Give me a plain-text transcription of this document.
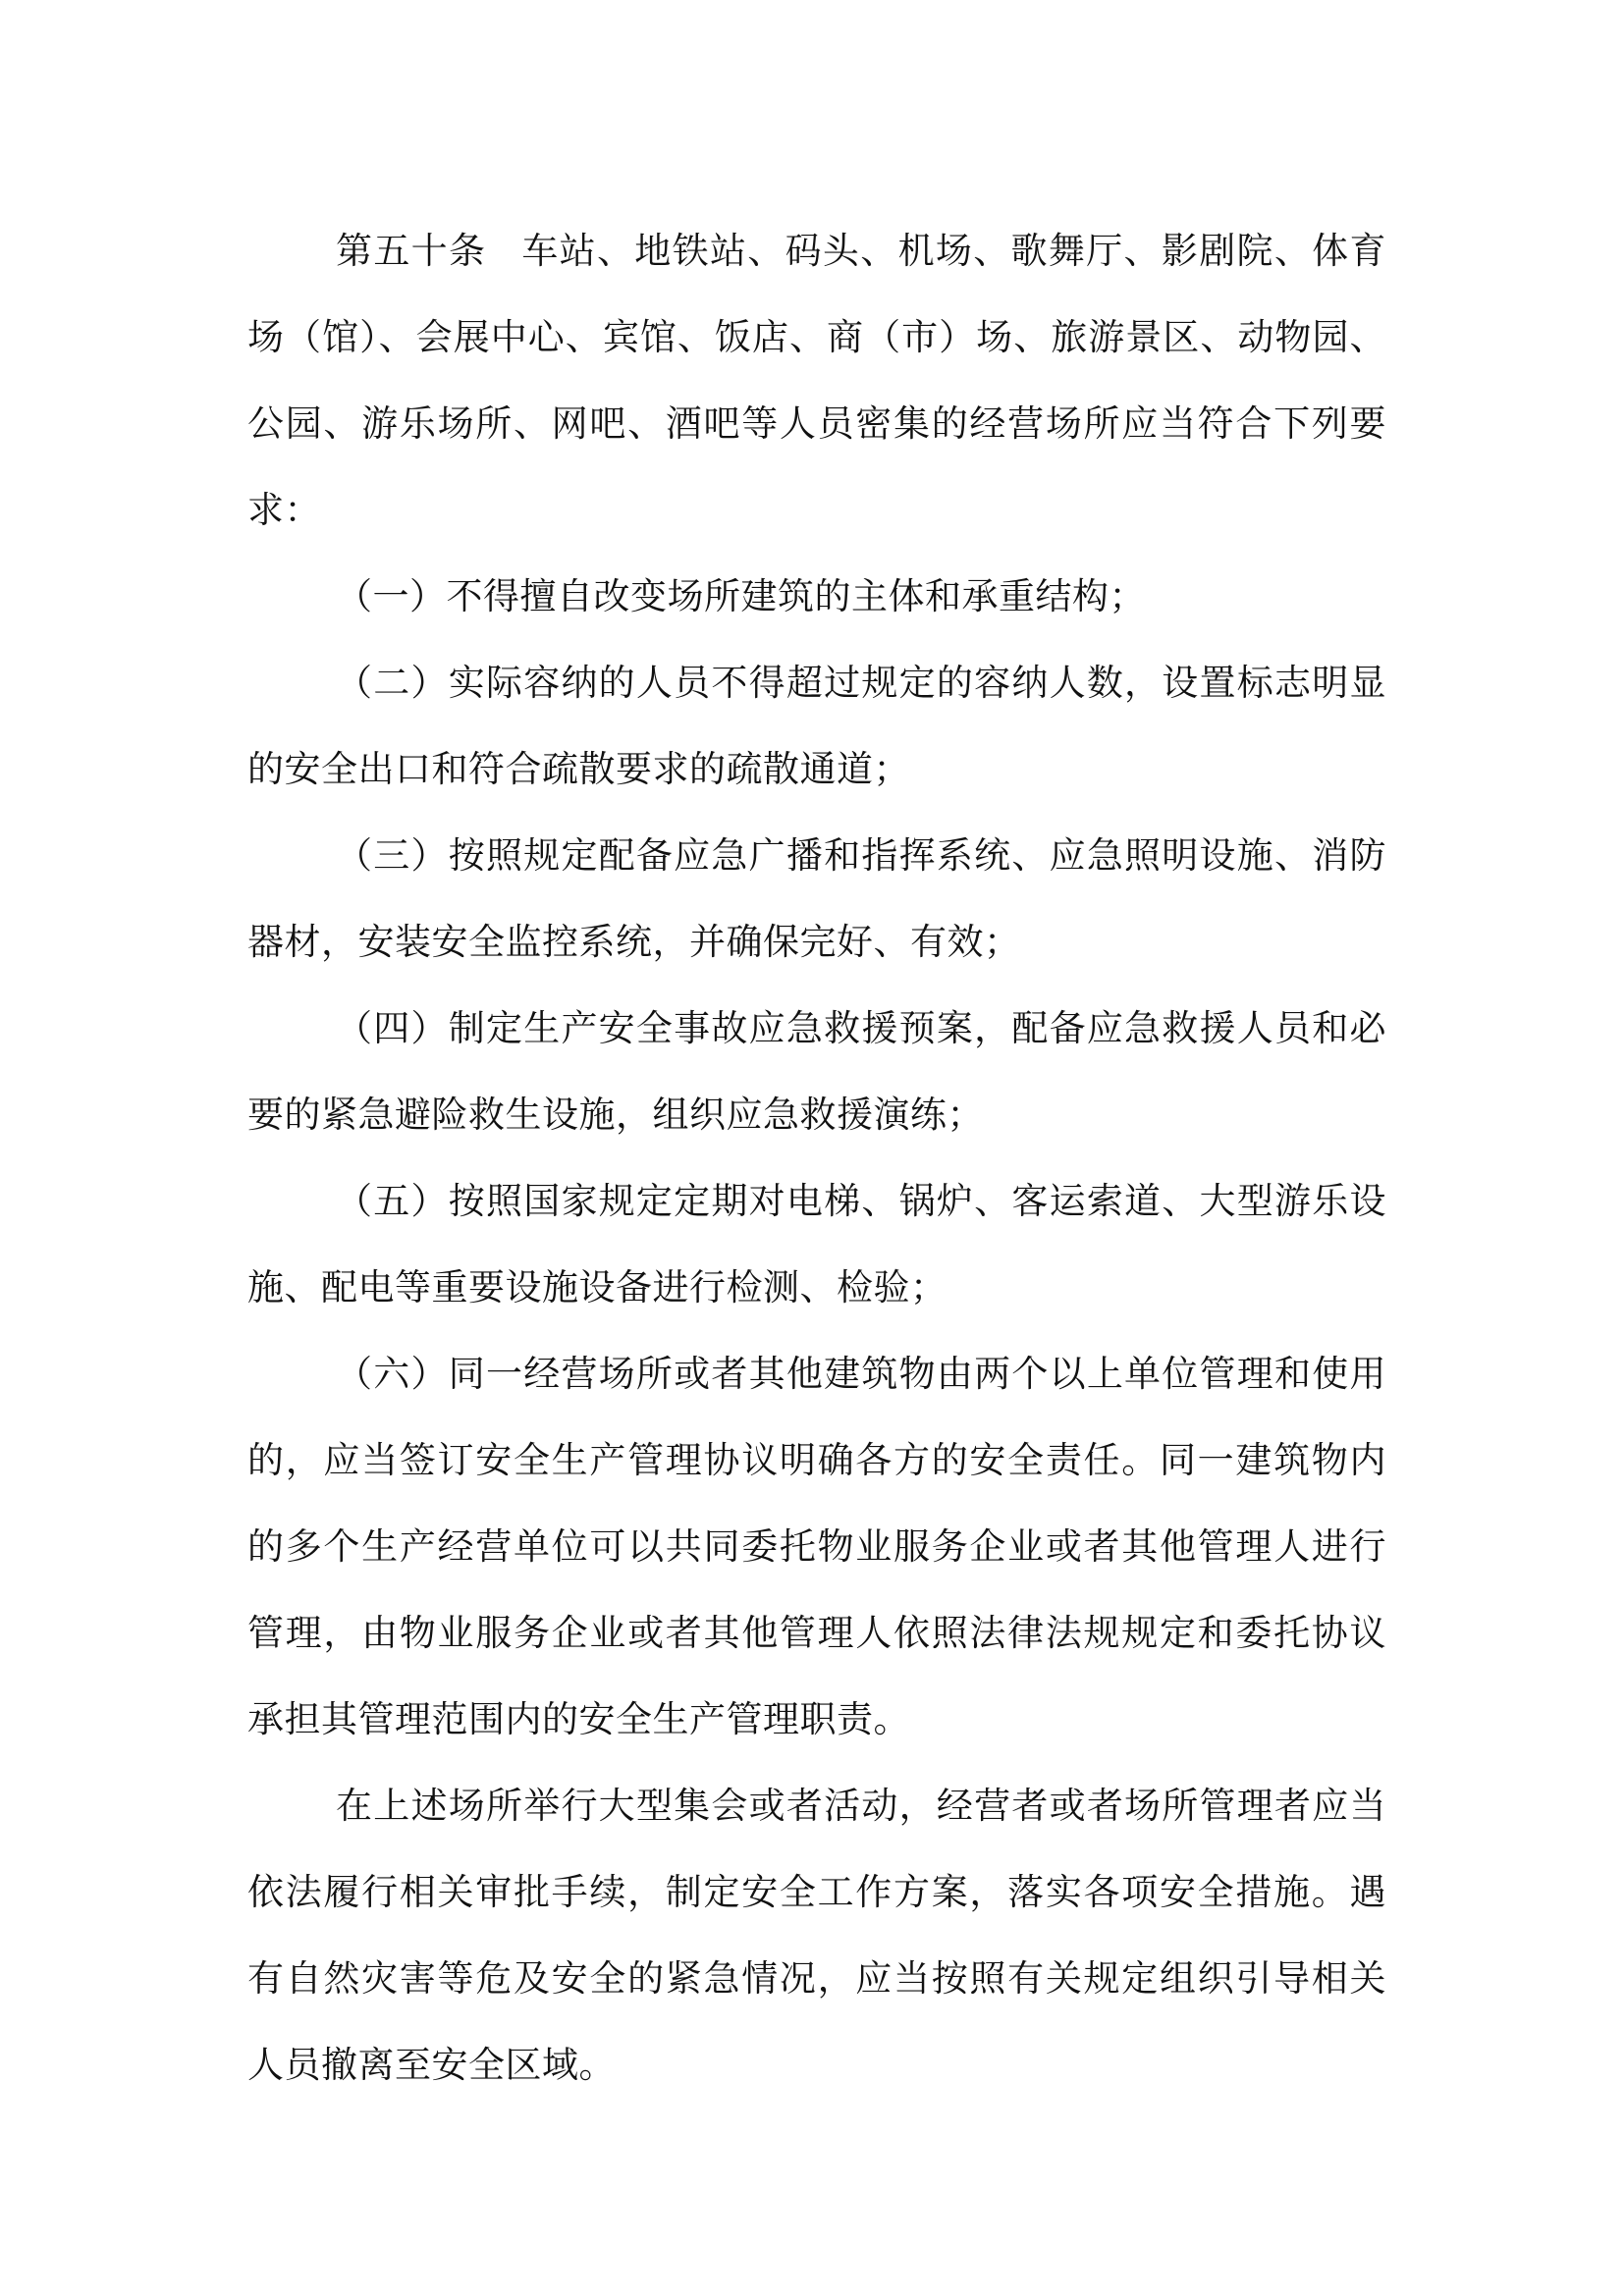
第五十条 车站、地铁站、码头、机场、歌舞厅、影剧院、体育场（馆）、会展中心、宾馆、饭店、商（市）场、旅游景区、动物园、公园、游乐场所、网吧、酒吧等人员密集的经营场所应当符合下列要求：

（一）不得擅自改变场所建筑的主体和承重结构；

（二）实际容纳的人员不得超过规定的容纳人数，设置标志明显的安全出口和符合疏散要求的疏散通道；

（三）按照规定配备应急广播和指挥系统、应急照明设施、消防器材，安装安全监控系统，并确保完好、有效；

（四）制定生产安全事故应急救援预案，配备应急救援人员和必要的紧急避险救生设施，组织应急救援演练；

（五）按照国家规定定期对电梯、锅炉、客运索道、大型游乐设施、配电等重要设施设备进行检测、检验；

（六）同一经营场所或者其他建筑物由两个以上单位管理和使用的，应当签订安全生产管理协议明确各方的安全责任。同一建筑物内的多个生产经营单位可以共同委托物业服务企业或者其他管理人进行管理，由物业服务企业或者其他管理人依照法律法规规定和委托协议承担其管理范围内的安全生产管理职责。

在上述场所举行大型集会或者活动，经营者或者场所管理者应当依法履行相关审批手续，制定安全工作方案，落实各项安全措施。遇有自然灾害等危及安全的紧急情况，应当按照有关规定组织引导相关人员撤离至安全区域。
